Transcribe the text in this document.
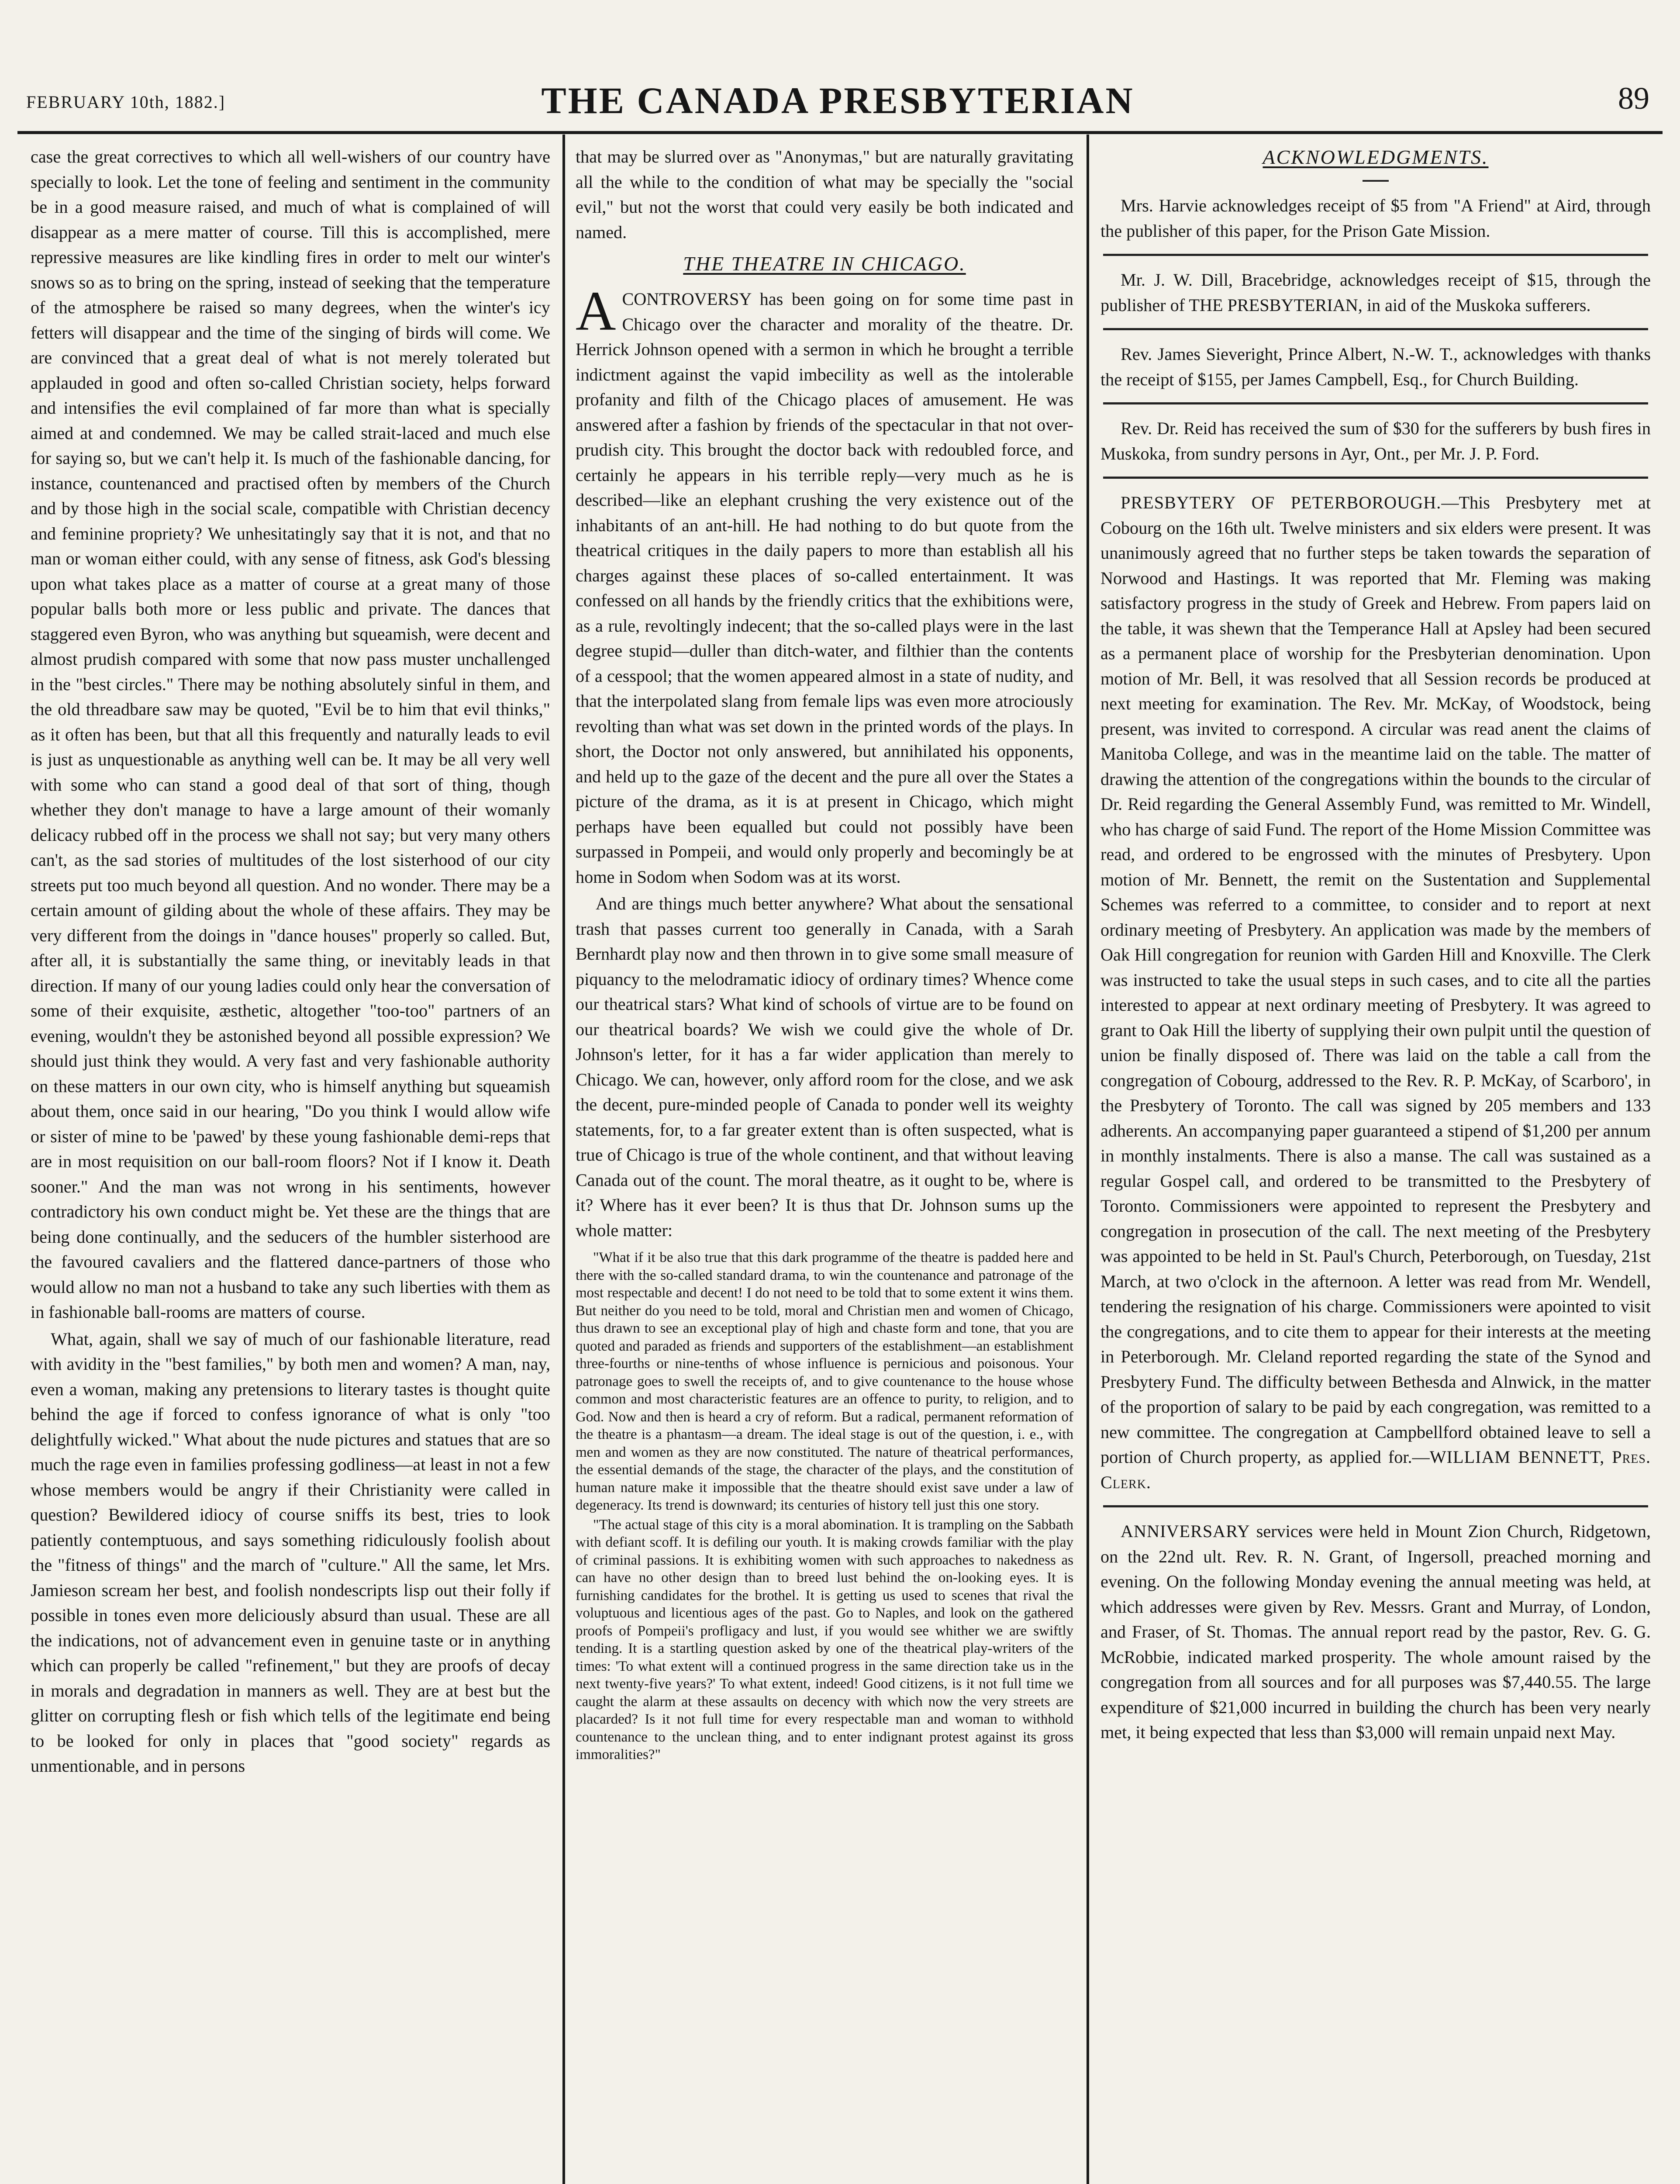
FEBRUARY 10th, 1882.]	THE CANADA PRESBYTERIAN	89

case the great correctives to which all well-wishers of our country have specially to look. Let the tone of feeling and sentiment in the community be in a good measure raised, and much of what is complained of will disappear as a mere matter of course. Till this is accomplished, mere repressive measures are like kindling fires in order to melt our winter's snows so as to bring on the spring, instead of seeking that the temperature of the atmosphere be raised so many degrees, when the winter's icy fetters will disappear and the time of the singing of birds will come. We are convinced that a great deal of what is not merely tolerated but applauded in good and often so-called Christian society, helps forward and intensifies the evil complained of far more than what is specially aimed at and condemned. We may be called strait-laced and much else for saying so, but we can't help it. Is much of the fashionable dancing, for instance, countenanced and practised often by members of the Church and by those high in the social scale, compatible with Christian decency and feminine propriety? We unhesitatingly say that it is not, and that no man or woman either could, with any sense of fitness, ask God's blessing upon what takes place as a matter of course at a great many of those popular balls both more or less public and private. The dances that staggered even Byron, who was anything but squeamish, were decent and almost prudish compared with some that now pass muster unchallenged in the "best circles." There may be nothing absolutely sinful in them, and the old threadbare saw may be quoted, "Evil be to him that evil thinks," as it often has been, but that all this frequently and naturally leads to evil is just as unquestionable as anything well can be. It may be all very well with some who can stand a good deal of that sort of thing, though whether they don't manage to have a large amount of their womanly delicacy rubbed off in the process we shall not say; but very many others can't, as the sad stories of multitudes of the lost sisterhood of our city streets put too much beyond all question. And no wonder. There may be a certain amount of gilding about the whole of these affairs. They may be very different from the doings in "dance houses" properly so called. But, after all, it is substantially the same thing, or inevitably leads in that direction. If many of our young ladies could only hear the conversation of some of their exquisite, æsthetic, altogether "too-too" partners of an evening, wouldn't they be astonished beyond all possible expression? We should just think they would. A very fast and very fashionable authority on these matters in our own city, who is himself anything but squeamish about them, once said in our hearing, "Do you think I would allow wife or sister of mine to be 'pawed' by these young fashionable demi-reps that are in most requisition on our ball-room floors? Not if I know it. Death sooner." And the man was not wrong in his sentiments, however contradictory his own conduct might be. Yet these are the things that are being done continually, and the seducers of the humbler sisterhood are the favoured cavaliers and the flattered dance-partners of those who would allow no man not a husband to take any such liberties with them as in fashionable ball-rooms are matters of course.

What, again, shall we say of much of our fashionable literature, read with avidity in the "best families," by both men and women? A man, nay, even a woman, making any pretensions to literary tastes is thought quite behind the age if forced to confess ignorance of what is only "too delightfully wicked." What about the nude pictures and statues that are so much the rage even in families professing godliness—at least in not a few whose members would be angry if their Christianity were called in question? Bewildered idiocy of course sniffs its best, tries to look patiently contemptuous, and says something ridiculously foolish about the "fitness of things" and the march of "culture." All the same, let Mrs. Jamieson scream her best, and foolish nondescripts lisp out their folly if possible in tones even more deliciously absurd than usual. These are all the indications, not of advancement even in genuine taste or in anything which can properly be called "refinement," but they are proofs of decay in morals and degradation in manners as well. They are at best but the glitter on corrupting flesh or fish which tells of the legitimate end being to be looked for only in places that "good society" regards as unmentionable, and in persons

that may be slurred over as "Anonymas," but are naturally gravitating all the while to the condition of what may be specially the "social evil," but not the worst that could very easily be both indicated and named.

THE THEATRE IN CHICAGO.

ACONTROVERSY has been going on for some time past in Chicago over the character and morality of the theatre. Dr. Herrick Johnson opened with a sermon in which he brought a terrible indictment against the vapid imbecility as well as the intolerable profanity and filth of the Chicago places of amusement. He was answered after a fashion by friends of the spectacular in that not over-prudish city. This brought the doctor back with redoubled force, and certainly he appears in his terrible reply—very much as he is described—like an elephant crushing the very existence out of the inhabitants of an ant-hill. He had nothing to do but quote from the theatrical critiques in the daily papers to more than establish all his charges against these places of so-called entertainment. It was confessed on all hands by the friendly critics that the exhibitions were, as a rule, revoltingly indecent; that the so-called plays were in the last degree stupid—duller than ditch-water, and filthier than the contents of a cesspool; that the women appeared almost in a state of nudity, and that the interpolated slang from female lips was even more atrociously revolting than what was set down in the printed words of the plays. In short, the Doctor not only answered, but annihilated his opponents, and held up to the gaze of the decent and the pure all over the States a picture of the drama, as it is at present in Chicago, which might perhaps have been equalled but could not possibly have been surpassed in Pompeii, and would only properly and becomingly be at home in Sodom when Sodom was at its worst.

And are things much better anywhere? What about the sensational trash that passes current too generally in Canada, with a Sarah Bernhardt play now and then thrown in to give some small measure of piquancy to the melodramatic idiocy of ordinary times? Whence come our theatrical stars? What kind of schools of virtue are to be found on our theatrical boards? We wish we could give the whole of Dr. Johnson's letter, for it has a far wider application than merely to Chicago. We can, however, only afford room for the close, and we ask the decent, pure-minded people of Canada to ponder well its weighty statements, for, to a far greater extent than is often suspected, what is true of Chicago is true of the whole continent, and that without leaving Canada out of the count. The moral theatre, as it ought to be, where is it? Where has it ever been? It is thus that Dr. Johnson sums up the whole matter:

"What if it be also true that this dark programme of the theatre is padded here and there with the so-called standard drama, to win the countenance and patronage of the most respectable and decent! I do not need to be told that to some extent it wins them. But neither do you need to be told, moral and Christian men and women of Chicago, thus drawn to see an exceptional play of high and chaste form and tone, that you are quoted and paraded as friends and supporters of the establishment—an establishment three-fourths or nine-tenths of whose influence is pernicious and poisonous. Your patronage goes to swell the receipts of, and to give countenance to the house whose common and most characteristic features are an offence to purity, to religion, and to God. Now and then is heard a cry of reform. But a radical, permanent reformation of the theatre is a phantasm—a dream. The ideal stage is out of the question, i. e., with men and women as they are now constituted. The nature of theatrical performances, the essential demands of the stage, the character of the plays, and the constitution of human nature make it impossible that the theatre should exist save under a law of degeneracy. Its trend is downward; its centuries of history tell just this one story.

"The actual stage of this city is a moral abomination. It is trampling on the Sabbath with defiant scoff. It is defiling our youth. It is making crowds familiar with the play of criminal passions. It is exhibiting women with such approaches to nakedness as can have no other design than to breed lust behind the on-looking eyes. It is furnishing candidates for the brothel. It is getting us used to scenes that rival the voluptuous and licentious ages of the past. Go to Naples, and look on the gathered proofs of Pompeii's profligacy and lust, if you would see whither we are swiftly tending. It is a startling question asked by one of the theatrical play-writers of the times: 'To what extent will a continued progress in the same direction take us in the next twenty-five years?' To what extent, indeed! Good citizens, is it not full time we caught the alarm at these assaults on decency with which now the very streets are placarded? Is it not full time for every respectable man and woman to withhold countenance to the unclean thing, and to enter indignant protest against its gross immoralities?"

ACKNOWLEDGMENTS.

Mrs. Harvie acknowledges receipt of $5 from "A Friend" at Aird, through the publisher of this paper, for the Prison Gate Mission.

Mr. J. W. Dill, Bracebridge, acknowledges receipt of $15, through the publisher of THE PRESBYTERIAN, in aid of the Muskoka sufferers.

Rev. James Sieveright, Prince Albert, N.-W. T., acknowledges with thanks the receipt of $155, per James Campbell, Esq., for Church Building.

Rev. Dr. Reid has received the sum of $30 for the sufferers by bush fires in Muskoka, from sundry persons in Ayr, Ont., per Mr. J. P. Ford.

PRESBYTERY OF PETERBOROUGH.—This Presbytery met at Cobourg on the 16th ult. Twelve ministers and six elders were present. It was unanimously agreed that no further steps be taken towards the separation of Norwood and Hastings. It was reported that Mr. Fleming was making satisfactory progress in the study of Greek and Hebrew. From papers laid on the table, it was shewn that the Temperance Hall at Apsley had been secured as a permanent place of worship for the Presbyterian denomination. Upon motion of Mr. Bell, it was resolved that all Session records be produced at next meeting for examination. The Rev. Mr. McKay, of Woodstock, being present, was invited to correspond. A circular was read anent the claims of Manitoba College, and was in the meantime laid on the table. The matter of drawing the attention of the congregations within the bounds to the circular of Dr. Reid regarding the General Assembly Fund, was remitted to Mr. Windell, who has charge of said Fund. The report of the Home Mission Committee was read, and ordered to be engrossed with the minutes of Presbytery. Upon motion of Mr. Bennett, the remit on the Sustentation and Supplemental Schemes was referred to a committee, to consider and to report at next ordinary meeting of Presbytery. An application was made by the members of Oak Hill congregation for reunion with Garden Hill and Knoxville. The Clerk was instructed to take the usual steps in such cases, and to cite all the parties interested to appear at next ordinary meeting of Presbytery. It was agreed to grant to Oak Hill the liberty of supplying their own pulpit until the question of union be finally disposed of. There was laid on the table a call from the congregation of Cobourg, addressed to the Rev. R. P. McKay, of Scarboro', in the Presbytery of Toronto. The call was signed by 205 members and 133 adherents. An accompanying paper guaranteed a stipend of $1,200 per annum in monthly instalments. There is also a manse. The call was sustained as a regular Gospel call, and ordered to be transmitted to the Presbytery of Toronto. Commissioners were appointed to represent the Presbytery and congregation in prosecution of the call. The next meeting of the Presbytery was appointed to be held in St. Paul's Church, Peterborough, on Tuesday, 21st March, at two o'clock in the afternoon. A letter was read from Mr. Wendell, tendering the resignation of his charge. Commissioners were apointed to visit the congregations, and to cite them to appear for their interests at the meeting in Peterborough. Mr. Cleland reported regarding the state of the Synod and Presbytery Fund. The difficulty between Bethesda and Alnwick, in the matter of the proportion of salary to be paid by each congregation, was remitted to a new committee. The congregation at Campbellford obtained leave to sell a portion of Church property, as applied for.—WILLIAM BENNETT, Pres. Clerk.

ANNIVERSARY services were held in Mount Zion Church, Ridgetown, on the 22nd ult. Rev. R. N. Grant, of Ingersoll, preached morning and evening. On the following Monday evening the annual meeting was held, at which addresses were given by Rev. Messrs. Grant and Murray, of London, and Fraser, of St. Thomas. The annual report read by the pastor, Rev. G. G. McRobbie, indicated marked prosperity. The whole amount raised by the congregation from all sources and for all purposes was $7,440.55. The large expenditure of $21,000 incurred in building the church has been very nearly met, it being expected that less than $3,000 will remain unpaid next May.
